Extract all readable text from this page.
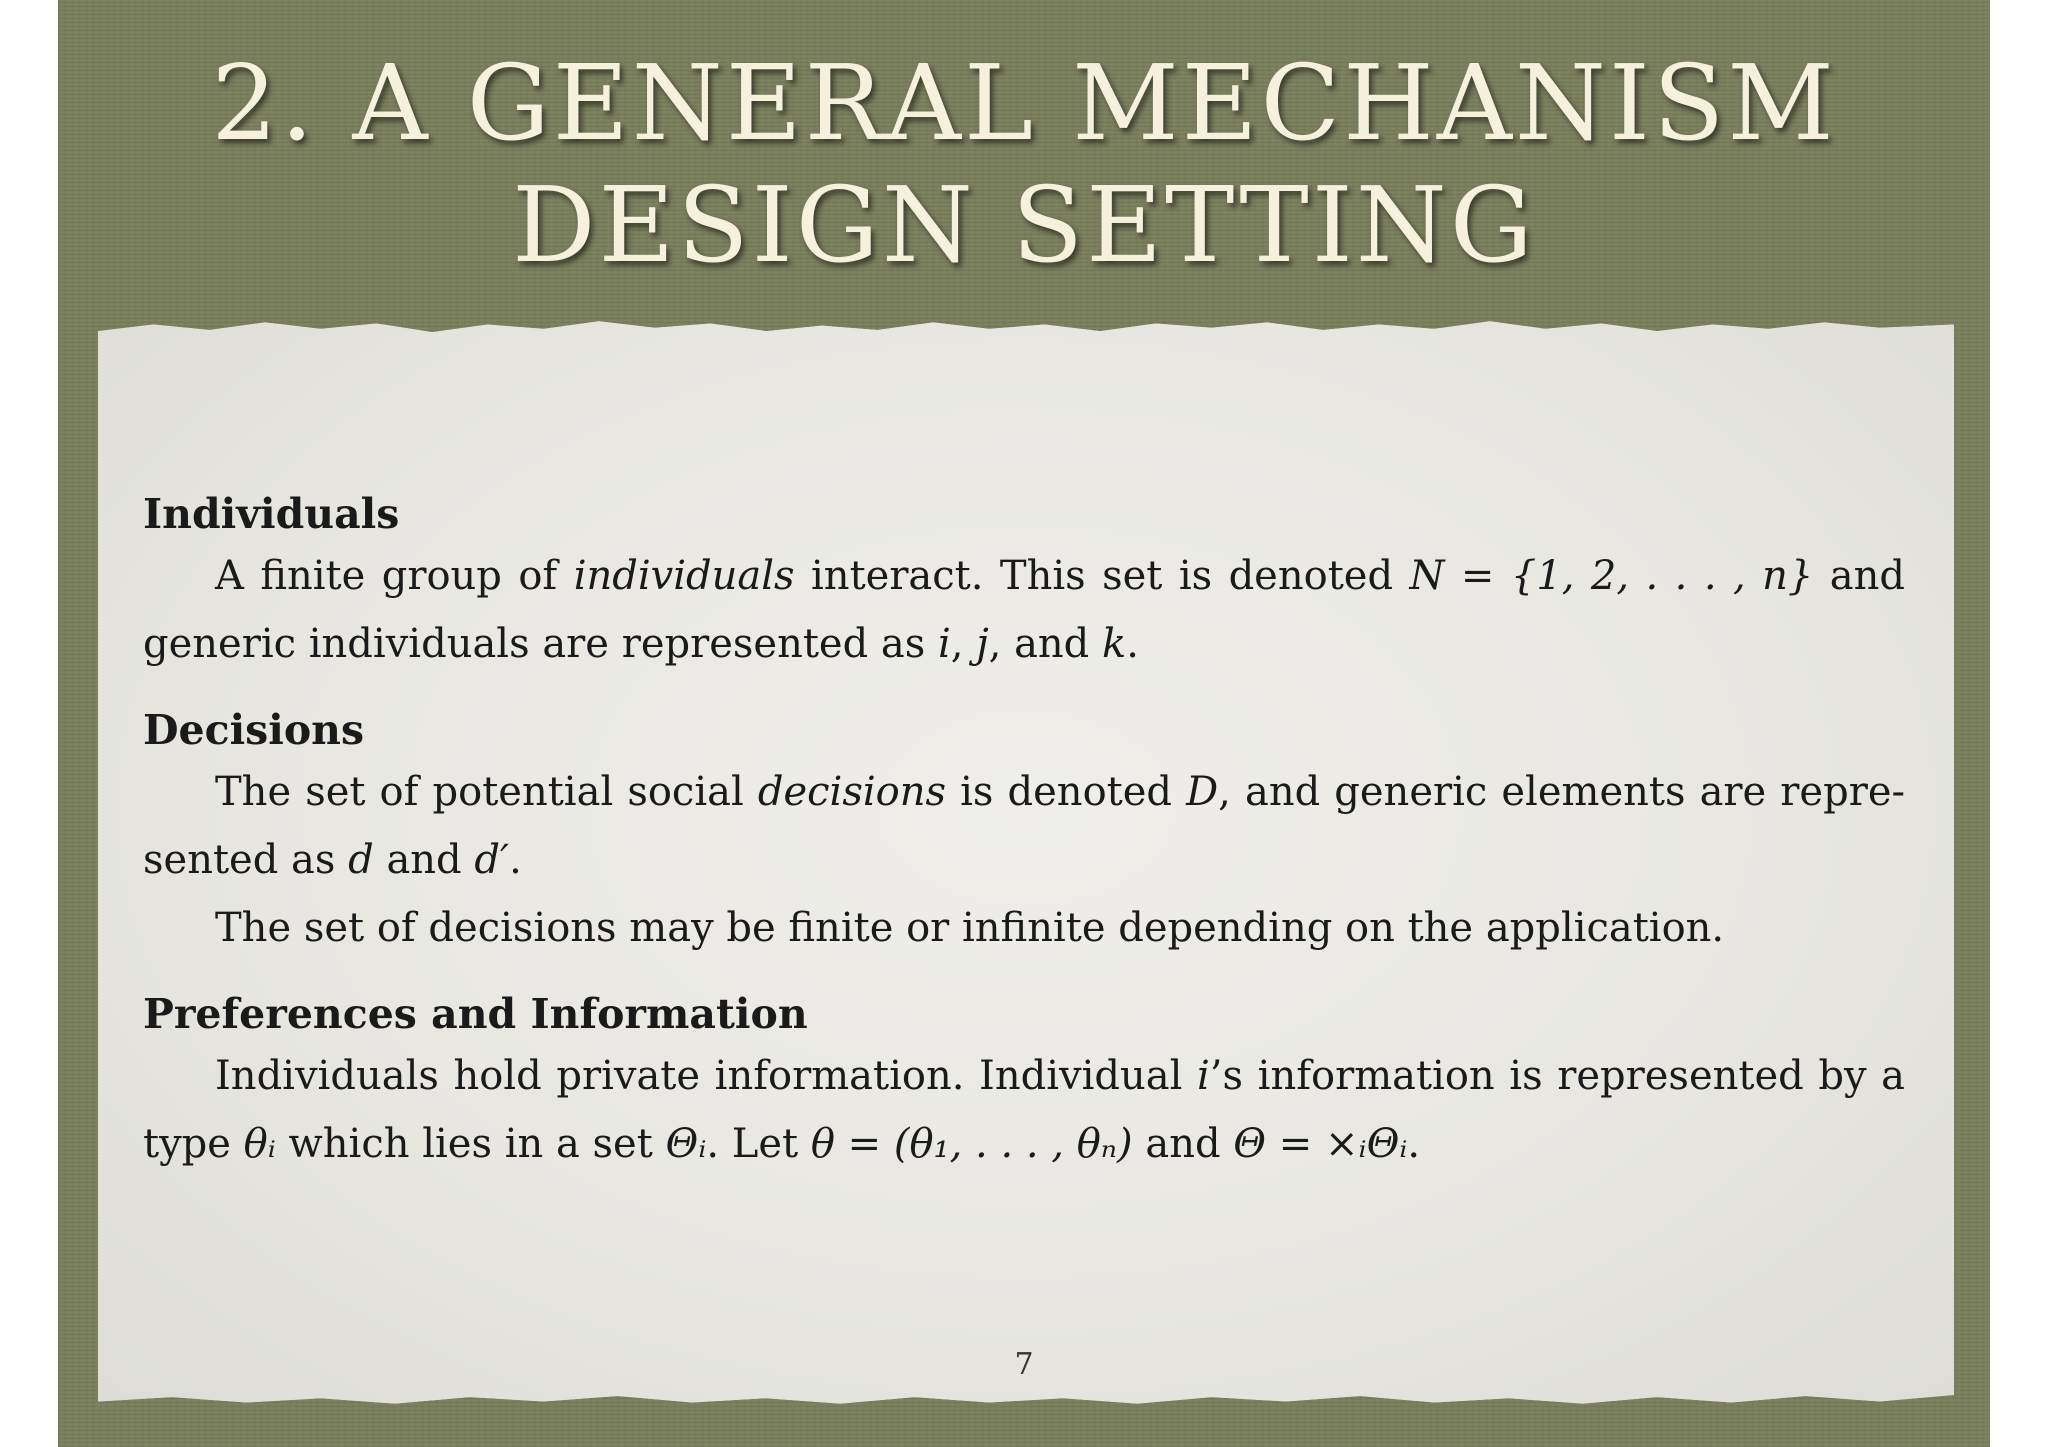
2. A GENERAL MECHANISM
DESIGN SETTING

Individuals

A finite group of individuals interact. This set is denoted N = {1, 2, . . . , n} and generic individuals are represented as i, j, and k.

Decisions

The set of potential social decisions is denoted D, and generic elements are repre-sented as d and d′.

The set of decisions may be finite or infinite depending on the application.

Preferences and Information

Individuals hold private information. Individual i’s information is represented by a type θᵢ which lies in a set Θᵢ. Let θ = (θ₁, . . . , θₙ) and Θ = ×ᵢΘᵢ.

7
